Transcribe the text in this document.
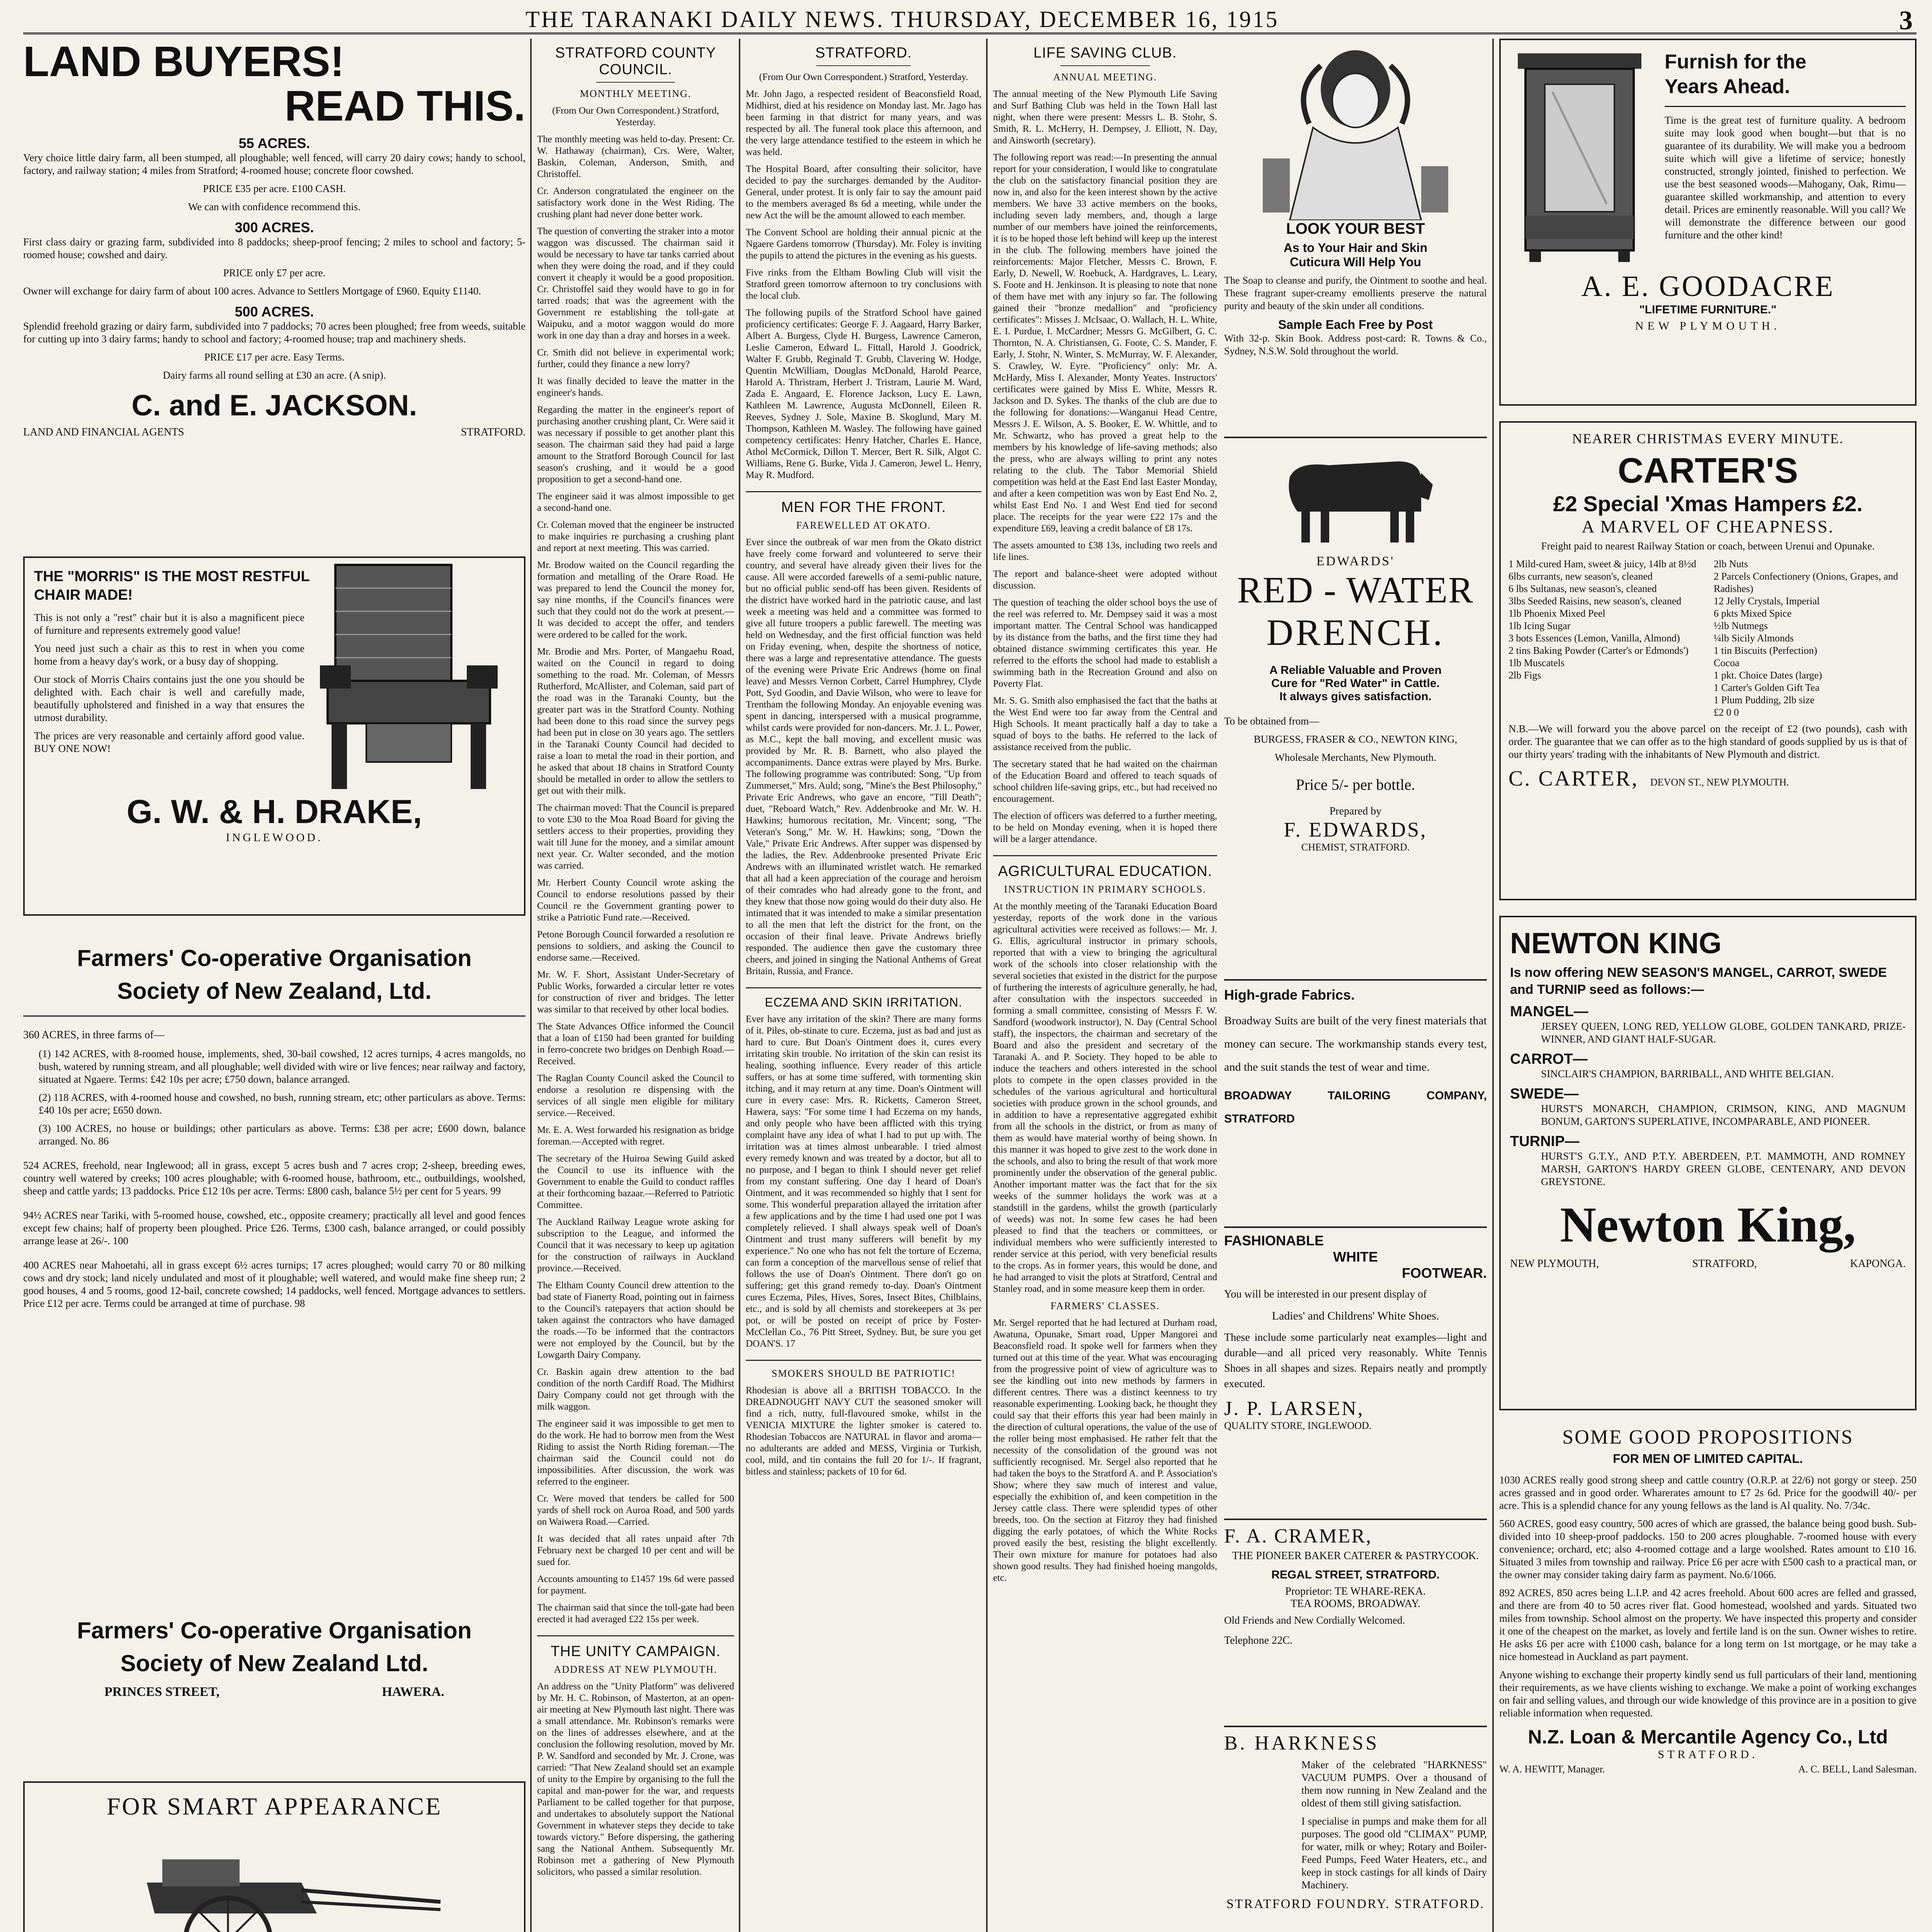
THE TARANAKI DAILY NEWS. THURSDAY, DECEMBER 16, 1915	3
LAND BUYERS!
READ THIS.
55 ACRES.

Very choice little dairy farm, all been stumped, all ploughable; well fenced, will carry 20 dairy cows; handy to school, factory, and railway station; 4 miles from Stratford; 4-roomed house; concrete floor cowshed.

PRICE £35 per acre. £100 CASH.

We can with confidence recommend this.

300 ACRES.

First class dairy or grazing farm, subdivided into 8 paddocks; sheep-proof fencing; 2 miles to school and factory; 5-roomed house; cowshed and dairy.

PRICE only £7 per acre.

Owner will exchange for dairy farm of about 100 acres. Advance to Settlers Mortgage of £960. Equity £1140.

500 ACRES.

Splendid freehold grazing or dairy farm, subdivided into 7 paddocks; 70 acres been ploughed; free from weeds, suitable for cutting up into 3 dairy farms; handy to school and factory; 4-roomed house; trap and machinery sheds.

PRICE £17 per acre. Easy Terms.

Dairy farms all round selling at £30 an acre. (A snip).

C. and E. JACKSON.
LAND AND FINANCIAL AGENTS	STRATFORD.
THE "MORRIS" IS THE MOST RESTFUL CHAIR MADE!

This is not only a "rest" chair but it is also a magnificent piece of furniture and represents extremely good value!

You need just such a chair as this to rest in when you come home from a heavy day's work, or a busy day of shopping.

Our stock of Morris Chairs contains just the one you should be delighted with. Each chair is well and carefully made, beautifully upholstered and finished in a way that ensures the utmost durability.

The prices are very reasonable and certainly afford good value. BUY ONE NOW!

G. W. & H. DRAKE,
INGLEWOOD.
Farmers' Co-operative Organisation
Society of New Zealand, Ltd.

360 ACRES, in three farms of—

(1) 142 ACRES, with 8-roomed house, implements, shed, 30-bail cowshed, 12 acres turnips, 4 acres mangolds, no bush, watered by running stream, and all ploughable; well divided with wire or live fences; near railway and factory, situated at Ngaere. Terms: £42 10s per acre; £750 down, balance arranged.

(2) 118 ACRES, with 4-roomed house and cowshed, no bush, running stream, etc; other particulars as above. Terms: £40 10s per acre; £650 down.

(3) 100 ACRES, no house or buildings; other particulars as above. Terms: £38 per acre; £600 down, balance arranged. No. 86

524 ACRES, freehold, near Inglewood; all in grass, except 5 acres bush and 7 acres crop; 2-sheep, breeding ewes, country well watered by creeks; 100 acres ploughable; with 6-roomed house, bathroom, etc., outbuildings, woolshed, sheep and cattle yards; 13 paddocks. Price £12 10s per acre. Terms: £800 cash, balance 5½ per cent for 5 years. 99

94½ ACRES near Tariki, with 5-roomed house, cowshed, etc., opposite creamery; practically all level and good fences except few chains; half of property been ploughed. Price £26. Terms, £300 cash, balance arranged, or could possibly arrange lease at 26/-. 100

400 ACRES near Mahoetahi, all in grass except 6½ acres turnips; 17 acres ploughed; would carry 70 or 80 milking cows and dry stock; land nicely undulated and most of it ploughable; well watered, and would make fine sheep run; 2 good houses, 4 and 5 rooms, good 12-bail, concrete cowshed; 14 paddocks, well fenced. Mortgage advances to settlers. Price £12 per acre. Terms could be arranged at time of purchase. 98

Farmers' Co-operative Organisation
Society of New Zealand Ltd.
PRINCES STREET,	HAWERA.
FOR SMART APPEARANCE

STRATFORD COUNTY COUNCIL.
MONTHLY MEETING.

(From Our Own Correspondent.) Stratford, Yesterday.

The monthly meeting was held to-day. Present: Cr. W. Hathaway (chairman), Crs. Were, Walter, Baskin, Coleman, Anderson, Smith, and Christoffel.

Cr. Anderson congratulated the engineer on the satisfactory work done in the West Riding. The crushing plant had never done better work.

The question of converting the straker into a motor waggon was discussed. The chairman said it would be necessary to have tar tanks carried about when they were doing the road, and if they could convert it cheaply it would be a good proposition. Cr. Christoffel said they would have to go in for tarred roads; that was the agreement with the Government re establishing the toll-gate at Waipuku, and a motor waggon would do more work in one day than a dray and horses in a week.

Cr. Smith did not believe in experimental work; further, could they finance a new lorry?

It was finally decided to leave the matter in the engineer's hands.

Regarding the matter in the engineer's report of purchasing another crushing plant, Cr. Were said it was necessary if possible to get another plant this season. The chairman said they had paid a large amount to the Stratford Borough Council for last season's crushing, and it would be a good proposition to get a second-hand one.

The engineer said it was almost impossible to get a second-hand one.

Cr. Coleman moved that the engineer be instructed to make inquiries re purchasing a crushing plant and report at next meeting. This was carried.

Mr. Brodow waited on the Council regarding the formation and metalling of the Orare Road. He was prepared to lend the Council the money for, say nine months, if the Council's finances were such that they could not do the work at present.—It was decided to accept the offer, and tenders were ordered to be called for the work.

Mr. Brodie and Mrs. Porter, of Mangaehu Road, waited on the Council in regard to doing something to the road. Mr. Coleman, of Messrs Rutherford, McAllister, and Coleman, said part of the road was in the Taranaki County, but the greater part was in the Stratford County. Nothing had been done to this road since the survey pegs had been put in close on 30 years ago. The settlers in the Taranaki County Council had decided to raise a loan to metal the road in their portion, and he asked that about 18 chains in Stratford County should be metalled in order to allow the settlers to get out with their milk.

The chairman moved: That the Council is prepared to vote £30 to the Moa Road Board for giving the settlers access to their properties, providing they wait till June for the money, and a similar amount next year. Cr. Walter seconded, and the motion was carried.

Mr. Herbert County Council wrote asking the Council to endorse resolutions passed by their Council re the Government granting power to strike a Patriotic Fund rate.—Received.

Petone Borough Council forwarded a resolution re pensions to soldiers, and asking the Council to endorse same.—Received.

Mr. W. F. Short, Assistant Under-Secretary of Public Works, forwarded a circular letter re votes for construction of river and bridges. The letter was similar to that received by other local bodies.

The State Advances Office informed the Council that a loan of £150 had been granted for building in ferro-concrete two bridges on Denbigh Road.—Received.

The Raglan County Council asked the Council to endorse a resolution re dispensing with the services of all single men eligible for military service.—Received.

Mr. E. A. West forwarded his resignation as bridge foreman.—Accepted with regret.

The secretary of the Huiroa Sewing Guild asked the Council to use its influence with the Government to enable the Guild to conduct raffles at their forthcoming bazaar.—Referred to Patriotic Committee.

The Auckland Railway League wrote asking for subscription to the League, and informed the Council that it was necessary to keep up agitation for the construction of railways in Auckland province.—Received.

The Eltham County Council drew attention to the bad state of Fianerty Road, pointing out in fairness to the Council's ratepayers that action should be taken against the contractors who have damaged the roads.—To be informed that the contractors were not employed by the Council, but by the Lowgarth Dairy Company.

Cr. Baskin again drew attention to the bad condition of the north Cardiff Road. The Midhirst Dairy Company could not get through with the milk waggon.

The engineer said it was impossible to get men to do the work. He had to borrow men from the West Riding to assist the North Riding foreman.—The chairman said the Council could not do impossibilities. After discussion, the work was referred to the engineer.

Cr. Were moved that tenders be called for 500 yards of shell rock on Auroa Road, and 500 yards on Waiwera Road.—Carried.

It was decided that all rates unpaid after 7th February next be charged 10 per cent and will be sued for.

Accounts amounting to £1457 19s 6d were passed for payment.

The chairman said that since the toll-gate had been erected it had averaged £22 15s per week.

THE UNITY CAMPAIGN.
ADDRESS AT NEW PLYMOUTH.

An address on the "Unity Platform" was delivered by Mr. H. C. Robinson, of Masterton, at an open-air meeting at New Plymouth last night. There was a small attendance. Mr. Robinson's remarks were on the lines of addresses elsewhere, and at the conclusion the following resolution, moved by Mr. P. W. Sandford and seconded by Mr. J. Crone, was carried: "That New Zealand should set an example of unity to the Empire by organising to the full the capital and man-power for the war, and requests Parliament to be called together for that purpose, and undertakes to absolutely support the National Government in whatever steps they decide to take towards victory." Before dispersing, the gathering sang the National Anthem. Subsequently Mr. Robinson met a gathering of New Plymouth solicitors, who passed a similar resolution.

STRATFORD.

(From Our Own Correspondent.) Stratford, Yesterday.

Mr. John Jago, a respected resident of Beaconsfield Road, Midhirst, died at his residence on Monday last. Mr. Jago has been farming in that district for many years, and was respected by all. The funeral took place this afternoon, and the very large attendance testified to the esteem in which he was held.

The Hospital Board, after consulting their solicitor, have decided to pay the surcharges demanded by the Auditor-General, under protest. It is only fair to say the amount paid to the members averaged 8s 6d a meeting, while under the new Act the will be the amount allowed to each member.

The Convent School are holding their annual picnic at the Ngaere Gardens tomorrow (Thursday). Mr. Foley is inviting the pupils to attend the pictures in the evening as his guests.

Five rinks from the Eltham Bowling Club will visit the Stratford green tomorrow afternoon to try conclusions with the local club.

The following pupils of the Stratford School have gained proficiency certificates: George F. J. Aagaard, Harry Barker, Albert A. Burgess, Clyde H. Burgess, Lawrence Cameron, Leslie Cameron, Edward L. Fittall, Harold J. Goodrick, Walter F. Grubb, Reginald T. Grubb, Clavering W. Hodge, Quentin McWilliam, Douglas McDonald, Harold Pearce, Harold A. Thristram, Herbert J. Tristram, Laurie M. Ward, Zada E. Angaard, E. Florence Jackson, Lucy E. Lawn, Kathleen M. Lawrence, Augusta McDonnell, Eileen R. Reeves, Sydney J. Sole, Maxine B. Skoglund, Mary M. Thompson, Kathleen M. Wasley. The following have gained competency certificates: Henry Hatcher, Charles E. Hance, Athol McCormick, Dillon T. Mercer, Bert R. Silk, Algot C. Williams, Rene G. Burke, Vida J. Cameron, Jewel L. Henry, May R. Mudford.

MEN FOR THE FRONT.
FAREWELLED AT OKATO.

Ever since the outbreak of war men from the Okato district have freely come forward and volunteered to serve their country, and several have already given their lives for the cause. All were accorded farewells of a semi-public nature, but no official public send-off has been given. Residents of the district have worked hard in the patriotic cause, and last week a meeting was held and a committee was formed to give all future troopers a public farewell. The meeting was held on Wednesday, and the first official function was held on Friday evening, when, despite the shortness of notice, there was a large and representative attendance. The guests of the evening were Private Eric Andrews (home on final leave) and Messrs Vernon Corbett, Carrel Humphrey, Clyde Pott, Syd Goodin, and Davie Wilson, who were to leave for Trentham the following Monday. An enjoyable evening was spent in dancing, interspersed with a musical programme, whilst cards were provided for non-dancers. Mr. J. L. Power, as M.C., kept the ball moving, and excellent music was provided by Mr. R. B. Barnett, who also played the accompaniments. Dance extras were played by Mrs. Burke. The following programme was contributed: Song, "Up from Zummerset," Mrs. Auld; song, "Mine's the Best Philosophy," Private Eric Andrews, who gave an encore, "Till Death"; duet, "Reboard Watch," Rev. Addenbrooke and Mr. W. H. Hawkins; humorous recitation, Mr. Vincent; song, "The Veteran's Song," Mr. W. H. Hawkins; song, "Down the Vale," Private Eric Andrews. After supper was dispensed by the ladies, the Rev. Addenbrooke presented Private Eric Andrews with an illuminated wristlet watch. He remarked that all had a keen appreciation of the courage and heroism of their comrades who had already gone to the front, and they knew that those now going would do their duty also. He intimated that it was intended to make a similar presentation to all the men that left the district for the front, on the occasion of their final leave. Private Andrews briefly responded. The audience then gave the customary three cheers, and joined in singing the National Anthems of Great Britain, Russia, and France.

ECZEMA AND SKIN IRRITATION.

Ever have any irritation of the skin? There are many forms of it. Piles, ob-stinate to cure. Eczema, just as bad and just as hard to cure. But Doan's Ointment does it, cures every irritating skin trouble. No irritation of the skin can resist its healing, soothing influence. Every reader of this article suffers, or has at some time suffered, with tormenting skin itching, and it may return at any time. Doan's Ointment will cure in every case: Mrs. R. Ricketts, Cameron Street, Hawera, says: "For some time I had Eczema on my hands, and only people who have been afflicted with this trying complaint have any idea of what I had to put up with. The irritation was at times almost unbearable. I tried almost every remedy known and was treated by a doctor, but all to no purpose, and I began to think I should never get relief from my constant suffering. One day I heard of Doan's Ointment, and it was recommended so highly that I sent for some. This wonderful preparation allayed the irritation after a few applications and by the time I had used one pot I was completely relieved. I shall always speak well of Doan's Ointment and trust many sufferers will benefit by my experience." No one who has not felt the torture of Eczema, can form a conception of the marvellous sense of relief that follows the use of Doan's Ointment. There don't go on suffering; get this grand remedy to-day. Doan's Ointment cures Eczema, Piles, Hives, Sores, Insect Bites, Chilblains, etc., and is sold by all chemists and storekeepers at 3s per pot, or will be posted on receipt of price by Foster-McClellan Co., 76 Pitt Street, Sydney. But, be sure you get DOAN'S. 17

SMOKERS SHOULD BE PATRIOTIC!

Rhodesian is above all a BRITISH TOBACCO. In the DREADNOUGHT NAVY CUT the seasoned smoker will find a rich, nutty, full-flavoured smoke, whilst in the VENICIA MIXTURE the lighter smoker is catered to. Rhodesian Tobaccos are NATURAL in flavor and aroma—no adulterants are added and MESS, Virginia or Turkish, cool, mild, and tin contains the full 20 for 1/-. If fragrant, bitless and stainless; packets of 10 for 6d.

LIFE SAVING CLUB.
ANNUAL MEETING.

The annual meeting of the New Plymouth Life Saving and Surf Bathing Club was held in the Town Hall last night, when there were present: Messrs L. B. Stohr, S. Smith, R. L. McHerry, H. Dempsey, J. Elliott, N. Day, and Ainsworth (secretary).

The following report was read:—In presenting the annual report for your consideration, I would like to congratulate the club on the satisfactory financial position they are now in, and also for the keen interest shown by the active members. We have 33 active members on the books, including seven lady members, and, though a large number of our members have joined the reinforcements, it is to be hoped those left behind will keep up the interest in the club. The following members have joined the reinforcements: Major Fletcher, Messrs C. Brown, F. Early, D. Newell, W. Roebuck, A. Hardgraves, L. Leary, S. Foote and H. Jenkinson. It is pleasing to note that none of them have met with any injury so far. The following gained their "bronze medallion" and "proficiency certificates": Misses J. McIsaac, O. Wallach, H. L. White, E. I. Purdue, I. McCardner; Messrs G. McGilbert, G. C. Thornton, N. A. Christiansen, G. Foote, C. S. Mander, F. Early, J. Stohr, N. Winter, S. McMurray, W. F. Alexander, S. Crawley, W. Eyre. "Proficiency" only: Mr. A. McHardy, Miss I. Alexander, Monty Yeates. Instructors' certificates were gained by Miss E. White, Messrs R. Jackson and D. Sykes. The thanks of the club are due to the following for donations:—Wanganui Head Centre, Messrs J. E. Wilson, A. S. Booker, E. W. Whittle, and to Mr. Schwartz, who has proved a great help to the members by his knowledge of life-saving methods; also the press, who are always willing to print any notes relating to the club. The Tabor Memorial Shield competition was held at the East End last Easter Monday, and after a keen competition was won by East End No. 2, whilst East End No. 1 and West End tied for second place. The receipts for the year were £22 17s and the expenditure £69, leaving a credit balance of £8 17s.

The assets amounted to £38 13s, including two reels and life lines.

The report and balance-sheet were adopted without discussion.

The question of teaching the older school boys the use of the reel was referred to. Mr. Dempsey said it was a most important matter. The Central School was handicapped by its distance from the baths, and the first time they had obtained distance swimming certificates this year. He referred to the efforts the school had made to establish a swimming bath in the Recreation Ground and also on Poverty Flat.

Mr. S. G. Smith also emphasised the fact that the baths at the West End were too far away from the Central and High Schools. It meant practically half a day to take a squad of boys to the baths. He referred to the lack of assistance received from the public.

The secretary stated that he had waited on the chairman of the Education Board and offered to teach squads of school children life-saving grips, etc., but had received no encouragement.

The election of officers was deferred to a further meeting, to be held on Monday evening, when it is hoped there will be a larger attendance.

AGRICULTURAL EDUCATION.
INSTRUCTION IN PRIMARY SCHOOLS.

At the monthly meeting of the Taranaki Education Board yesterday, reports of the work done in the various agricultural activities were received as follows:— Mr. J. G. Ellis, agricultural instructor in primary schools, reported that with a view to bringing the agricultural work of the schools into closer relationship with the several societies that existed in the district for the purpose of furthering the interests of agriculture generally, he had, after consultation with the inspectors succeeded in forming a small committee, consisting of Messrs F. W. Sandford (woodwork instructor), N. Day (Central School staff), the inspectors, the chairman and secretary of the Board and also the president and secretary of the Taranaki A. and P. Society. They hoped to be able to induce the teachers and others interested in the school plots to compete in the open classes provided in the schedules of the various agricultural and horticultural societies with produce grown in the school grounds, and in addition to have a representative aggregated exhibit from all the schools in the district, or from as many of them as would have material worthy of being shown. In this manner it was hoped to give zest to the work done in the schools, and also to bring the result of that work more prominently under the observation of the general public. Another important matter was the fact that for the six weeks of the summer holidays the work was at a standstill in the gardens, whilst the growth (particularly of weeds) was not. In some few cases he had been pleased to find that the teachers or committees, or individual members who were sufficiently interested to render service at this period, with very beneficial results to the crops. As in former years, this would be done, and he had arranged to visit the plots at Stratford, Central and Stanley road, and in some measure keep them in order.

FARMERS' CLASSES.

Mr. Sergel reported that he had lectured at Durham road, Awatuna, Opunake, Smart road, Upper Mangorei and Beaconsfield road. It spoke well for farmers when they turned out at this time of the year. What was encouraging from the progressive point of view of agriculture was to see the kindling out into new methods by farmers in different centres. There was a distinct keenness to try reasonable experimenting. Looking back, he thought they could say that their efforts this year had been mainly in the direction of cultural operations, the value of the use of the roller being most emphasised. He rather felt that the necessity of the consolidation of the ground was not sufficiently recognised. Mr. Sergel also reported that he had taken the boys to the Stratford A. and P. Association's Show; where they saw much of interest and value, especially the exhibition of, and keen competition in the Jersey cattle class. There were splendid types of other breeds, too. On the section at Fitzroy they had finished digging the early potatoes, of which the White Rocks proved easily the best, resisting the blight excellently. Their own mixture for manure for potatoes had also shown good results. They had finished hoeing mangolds, etc.

LOOK YOUR BEST
As to Your Hair and Skin
Cuticura Will Help You

The Soap to cleanse and purify, the Ointment to soothe and heal. These fragrant super-creamy emollients preserve the natural purity and beauty of the skin under all conditions.

Sample Each Free by Post

With 32-p. Skin Book. Address post-card: R. Towns & Co., Sydney, N.S.W. Sold throughout the world.

EDWARDS'
RED - WATER
DRENCH.
A Reliable Valuable and Proven
Cure for "Red Water" in Cattle.
It always gives satisfaction.

To be obtained from—

BURGESS, FRASER & CO., NEWTON KING,

Wholesale Merchants, New Plymouth.

Price 5/- per bottle.
Prepared by
F. EDWARDS,
CHEMIST, STRATFORD.
High-grade Fabrics.

Broadway Suits are built of the very finest materials that money can secure. The workmanship stands every test, and the suit stands the test of wear and time.

BROADWAY TAILORING COMPANY, STRATFORD

FASHIONABLE
WHITE
FOOTWEAR.

You will be interested in our present display of

Ladies' and Childrens' White Shoes.

These include some particularly neat examples—light and durable—and all priced very reasonably. White Tennis Shoes in all shapes and sizes. Repairs neatly and promptly executed.

J. P. LARSEN,
QUALITY STORE, INGLEWOOD.
F. A. CRAMER,
THE PIONEER BAKER CATERER & PASTRYCOOK.
REGAL STREET, STRATFORD.
Proprietor: TE WHARE-REKA.
TEA ROOMS, BROADWAY.

Old Friends and New Cordially Welcomed.

Telephone 22C.
B. HARKNESS

Maker of the celebrated "HARKNESS" VACUUM PUMPS. Over a thousand of them now running in New Zealand and the oldest of them still giving satisfaction.

I specialise in pumps and make them for all purposes. The good old "CLIMAX" PUMP, for water, milk or whey; Rotary and Boiler-Feed Pumps, Feed Water Heaters, etc., and keep in stock castings for all kinds of Dairy Machinery.

STRATFORD FOUNDRY. STRATFORD.

Furnish for the
Years Ahead.

Time is the great test of furniture quality. A bedroom suite may look good when bought—but that is no guarantee of its durability. We will make you a bedroom suite which will give a lifetime of service; honestly constructed, strongly jointed, finished to perfection. We use the best seasoned woods—Mahogany, Oak, Rimu—guarantee skilled workmanship, and attention to every detail. Prices are eminently reasonable. Will you call? We will demonstrate the difference between our good furniture and the other kind!

A. E. GOODACRE
"LIFETIME FURNITURE."
NEW PLYMOUTH.
NEARER CHRISTMAS EVERY MINUTE.
CARTER'S
£2 Special 'Xmas Hampers £2.
A MARVEL OF CHEAPNESS.

Freight paid to nearest Railway Station or coach, between Urenui and Opunake.

1 Mild-cured Ham, sweet & juicy, 14lb at 8½d
6lbs currants, new season's, cleaned
6 lbs Sultanas, new season's, cleaned
3lbs Seeded Raisins, new season's, cleaned
1lb Phoenix Mixed Peel
1lb Icing Sugar
3 bots Essences (Lemon, Vanilla, Almond)
2 tins Baking Powder (Carter's or Edmonds')
1lb Muscatels
2lb Figs
2lb Nuts
2 Parcels Confectionery (Onions, Grapes, and Radishes)
12 Jelly Crystals, Imperial
6 pkts Mixed Spice
½lb Nutmegs
¼lb Sicily Almonds
1 tin Biscuits (Perfection)
Cocoa
1 pkt. Choice Dates (large)
1 Carter's Golden Gift Tea
1 Plum Pudding, 2lb size
£2 0 0

N.B.—We will forward you the above parcel on the receipt of £2 (two pounds), cash with order. The guarantee that we can offer as to the high standard of goods supplied by us is that of our thirty years' trading with the inhabitants of New Plymouth and district.

C. CARTER, DEVON ST., NEW PLYMOUTH.
NEWTON KING
Is now offering NEW SEASON'S MANGEL, CARROT, SWEDE and TURNIP seed as follows:—
MANGEL—

JERSEY QUEEN, LONG RED, YELLOW GLOBE, GOLDEN TANKARD, PRIZE-WINNER, AND GIANT HALF-SUGAR.

CARROT—

SINCLAIR'S CHAMPION, BARRIBALL, AND WHITE BELGIAN.

SWEDE—

HURST'S MONARCH, CHAMPION, CRIMSON, KING, AND MAGNUM BONUM, GARTON'S SUPERLATIVE, INCOMPARABLE, AND PIONEER.

TURNIP—

HURST'S G.T.Y., AND P.T.Y. ABERDEEN, P.T. MAMMOTH, AND ROMNEY MARSH, GARTON'S HARDY GREEN GLOBE, CENTENARY, AND DEVON GREYSTONE.

Newton King,
NEW PLYMOUTH,	STRATFORD,	KAPONGA.
SOME GOOD PROPOSITIONS
FOR MEN OF LIMITED CAPITAL.

1030 ACRES really good strong sheep and cattle country (O.R.P. at 22/6) not gorgy or steep. 250 acres grassed and in good order. Wharerates amount to £7 2s 6d. Price for the goodwill 40/- per acre. This is a splendid chance for any young fellows as the land is Al quality. No. 7/34c.

560 ACRES, good easy country, 500 acres of which are grassed, the balance being good bush. Sub-divided into 10 sheep-proof paddocks. 150 to 200 acres ploughable. 7-roomed house with every convenience; orchard, etc; also 4-roomed cottage and a large woolshed. Rates amount to £10 16. Situated 3 miles from township and railway. Price £6 per acre with £500 cash to a practical man, or the owner may consider taking dairy farm as payment. No.6/1066.

892 ACRES, 850 acres being L.I.P. and 42 acres freehold. About 600 acres are felled and grassed, and there are from 40 to 50 acres river flat. Good homestead, woolshed and yards. Situated two miles from township. School almost on the property. We have inspected this property and consider it one of the cheapest on the market, as lovely and fertile land is on the sun. Owner wishes to retire. He asks £6 per acre with £1000 cash, balance for a long term on 1st mortgage, or he may take a nice homestead in Auckland as part payment.

Anyone wishing to exchange their property kindly send us full particulars of their land, mentioning their requirements, as we have clients wishing to exchange. We make a point of working exchanges on fair and selling values, and through our wide knowledge of this province are in a position to give reliable information when requested.

N.Z. Loan & Mercantile Agency Co., Ltd
STRATFORD.
W. A. HEWITT, Manager.	A. C. BELL, Land Salesman.
